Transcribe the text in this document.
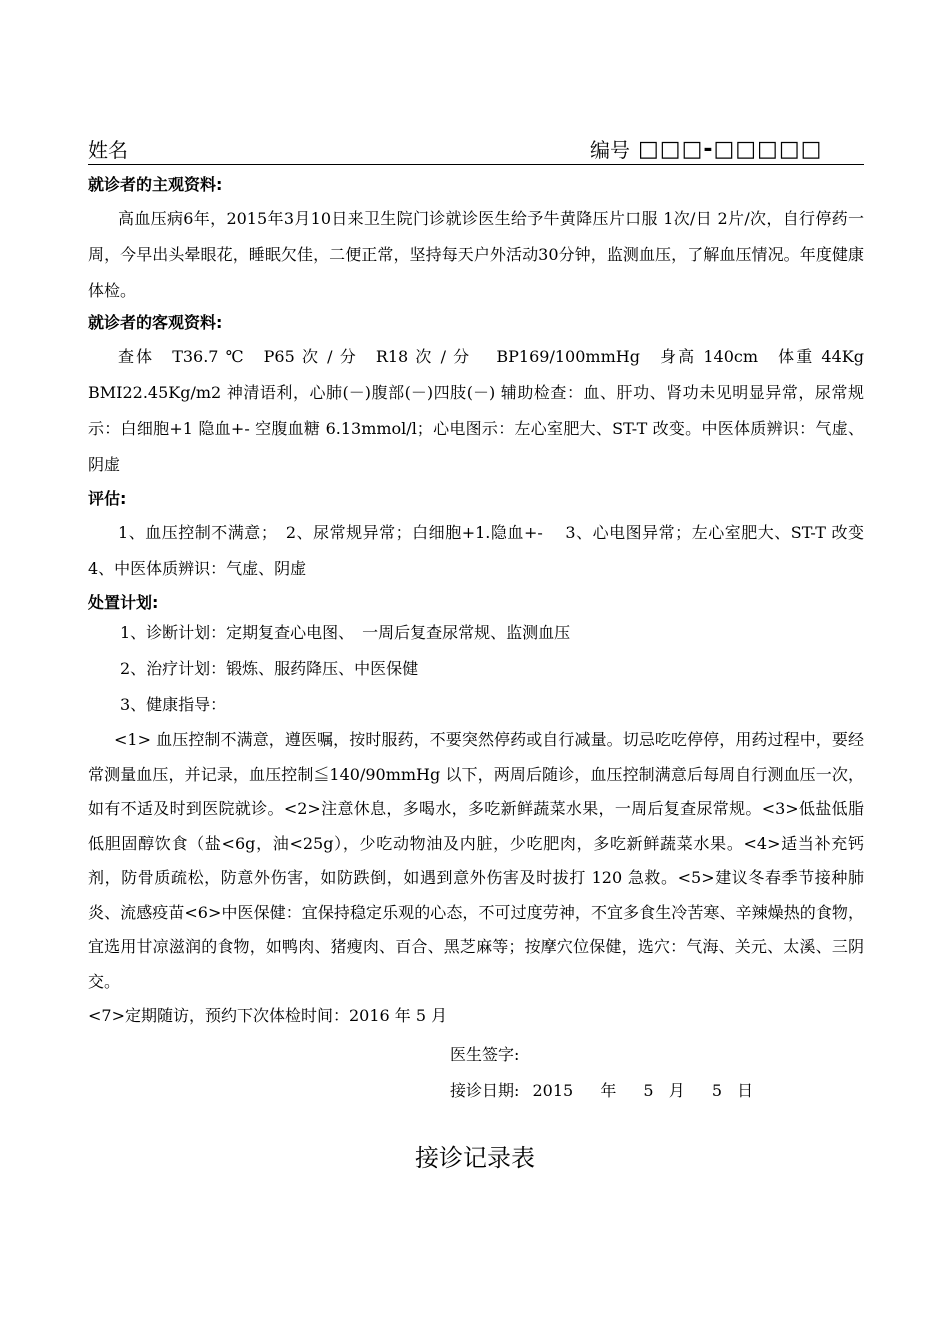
姓名	编号 □□□-□□□□□
就诊者的主观资料:

高血压病6年，2015年3月10日来卫生院门诊就诊医生给予牛黄降压片口服 1次/日 2片/次，自行停药一周，今早出头晕眼花，睡眠欠佳，二便正常，坚持每天户外活动30分钟，监测血压，了解血压情况。年度健康体检。

就诊者的客观资料:

查体　T36.7 ℃　P65 次 / 分　R18 次 / 分　 BP169/100mmHg　身高 140cm　体重 44Kg BMI22.45Kg/m2 神清语利，心肺(－)腹部(－)四肢(－) 辅助检查：血、肝功、肾功未见明显异常，尿常规示：白细胞+1 隐血+- 空腹血糖 6.13mmol/l；心电图示：左心室肥大、ST-T 改变。中医体质辨识：气虚、阴虚

评估:

1、血压控制不满意；　2、尿常规异常；白细胞+1.隐血+-　 3、心电图异常；左心室肥大、ST-T 改变　4、中医体质辨识：气虚、阴虚

处置计划:

1、诊断计划：定期复查心电图、　一周后复查尿常规、监测血压

2、治疗计划：锻炼、服药降压、中医保健

3、健康指导：

<1> 血压控制不满意，遵医嘱，按时服药，不要突然停药或自行减量。切忌吃吃停停，用药过程中，要经常测量血压，并记录，血压控制≦140/90mmHg 以下，两周后随诊，血压控制满意后每周自行测血压一次，如有不适及时到医院就诊。<2>注意休息，多喝水，多吃新鲜蔬菜水果，一周后复查尿常规。<3>低盐低脂低胆固醇饮食（盐<6g，油<25g），少吃动物油及内脏，少吃肥肉，多吃新鲜蔬菜水果。<4>适当补充钙剂，防骨质疏松，防意外伤害，如防跌倒，如遇到意外伤害及时拔打 120 急救。<5>建议冬春季节接种肺炎、流感疫苗<6>中医保健：宜保持稳定乐观的心态，不可过度劳神，不宜多食生冷苦寒、辛辣燥热的食物，宜选用甘凉滋润的食物，如鸭肉、猪瘦肉、百合、黑芝麻等；按摩穴位保健，选穴：气海、关元、太溪、三阴交。

<7>定期随访，预约下次体检时间：2016 年 5 月

医生签字:

接诊日期: 2015 年 5 月 5 日

接诊记录表
